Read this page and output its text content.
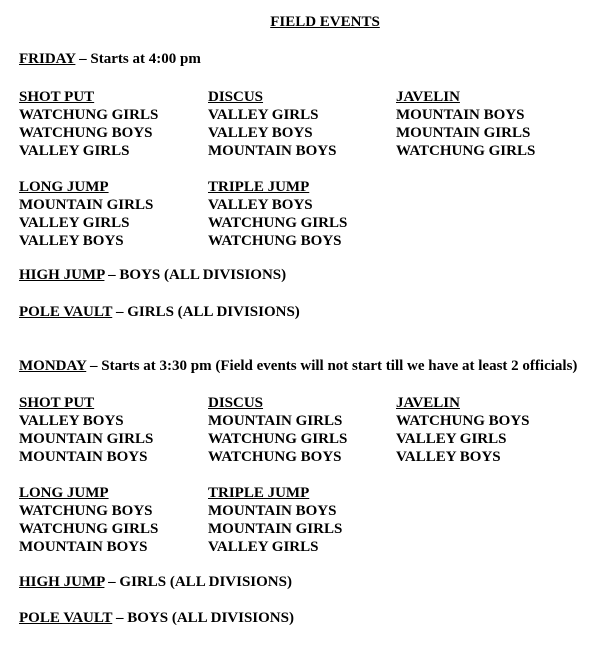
FIELD EVENTS
FRIDAY – Starts at 4:00 pm
SHOT PUT
WATCHUNG GIRLS
WATCHUNG BOYS
VALLEY GIRLS
DISCUS
VALLEY GIRLS
VALLEY BOYS
MOUNTAIN BOYS
JAVELIN
MOUNTAIN BOYS
MOUNTAIN GIRLS
WATCHUNG GIRLS
LONG JUMP
MOUNTAIN GIRLS
VALLEY GIRLS
VALLEY BOYS
TRIPLE JUMP
VALLEY BOYS
WATCHUNG GIRLS
WATCHUNG BOYS
HIGH JUMP – BOYS (ALL DIVISIONS)
POLE VAULT – GIRLS (ALL DIVISIONS)
MONDAY – Starts at 3:30 pm (Field events will not start till we have at least 2 officials)
SHOT PUT
VALLEY BOYS
MOUNTAIN GIRLS
MOUNTAIN BOYS
DISCUS
MOUNTAIN GIRLS
WATCHUNG GIRLS
WATCHUNG BOYS
JAVELIN
WATCHUNG BOYS
VALLEY GIRLS
VALLEY BOYS
LONG JUMP
WATCHUNG BOYS
WATCHUNG GIRLS
MOUNTAIN BOYS
TRIPLE JUMP
MOUNTAIN BOYS
MOUNTAIN GIRLS
VALLEY GIRLS
HIGH JUMP – GIRLS (ALL DIVISIONS)
POLE VAULT – BOYS (ALL DIVISIONS)
